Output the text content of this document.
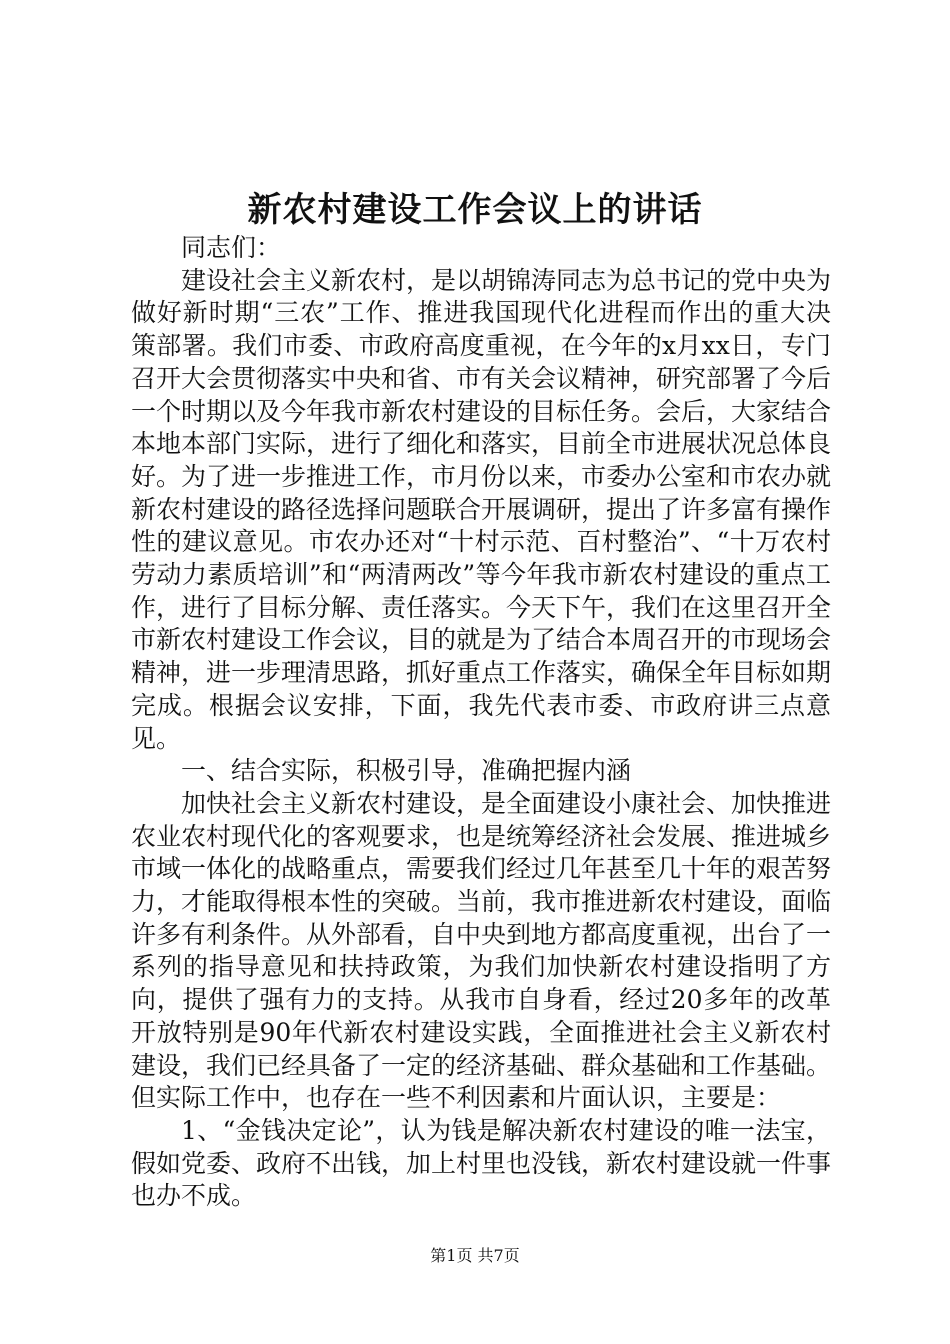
新农村建设工作会议上的讲话

同志们：

建设社会主义新农村，是以胡锦涛同志为总书记的党中央为做好新时期“三农”工作、推进我国现代化进程而作出的重大决策部署。我们市委、市政府高度重视，在今年的x月xx日，专门召开大会贯彻落实中央和省、市有关会议精神，研究部署了今后一个时期以及今年我市新农村建设的目标任务。会后，大家结合本地本部门实际，进行了细化和落实，目前全市进展状况总体良好。为了进一步推进工作，市月份以来，市委办公室和市农办就新农村建设的路径选择问题联合开展调研，提出了许多富有操作性的建议意见。市农办还对“十村示范、百村整治”、“十万农村劳动力素质培训”和“两清两改”等今年我市新农村建设的重点工作，进行了目标分解、责任落实。今天下午，我们在这里召开全市新农村建设工作会议，目的就是为了结合本周召开的市现场会精神，进一步理清思路，抓好重点工作落实，确保全年目标如期完成。根据会议安排，下面，我先代表市委、市政府讲三点意见。

一、结合实际，积极引导，准确把握内涵

加快社会主义新农村建设，是全面建设小康社会、加快推进农业农村现代化的客观要求，也是统筹经济社会发展、推进城乡市域一体化的战略重点，需要我们经过几年甚至几十年的艰苦努力，才能取得根本性的突破。当前，我市推进新农村建设，面临许多有利条件。从外部看，自中央到地方都高度重视，出台了一系列的指导意见和扶持政策，为我们加快新农村建设指明了方向，提供了强有力的支持。从我市自身看，经过20多年的改革开放特别是90年代新农村建设实践，全面推进社会主义新农村建设，我们已经具备了一定的经济基础、群众基础和工作基础。但实际工作中，也存在一些不利因素和片面认识，主要是：

1、“金钱决定论”，认为钱是解决新农村建设的唯一法宝，假如党委、政府不出钱，加上村里也没钱，新农村建设就一件事也办不成。

第1页 共7页
